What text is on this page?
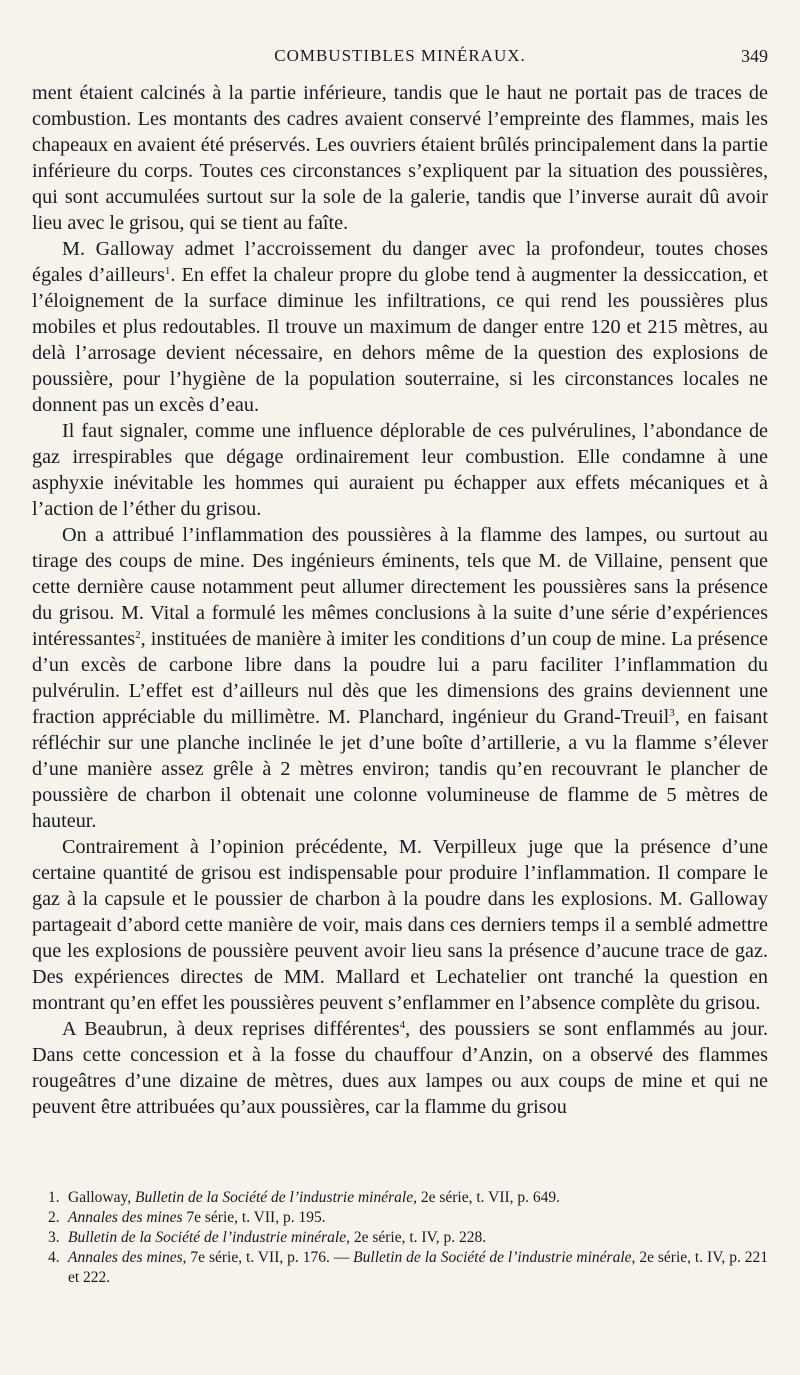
COMBUSTIBLES MINÉRAUX.	349

ment étaient calcinés à la partie inférieure, tandis que le haut ne portait pas de traces de combustion. Les montants des cadres avaient conservé l’empreinte des flammes, mais les chapeaux en avaient été préservés. Les ouvriers étaient brûlés principalement dans la partie inférieure du corps. Toutes ces circonstances s’expliquent par la situation des poussières, qui sont accumulées surtout sur la sole de la galerie, tandis que l’inverse aurait dû avoir lieu avec le grisou, qui se tient au faîte.

M. Galloway admet l’accroissement du danger avec la profondeur, toutes choses égales d’ailleurs$^1$. En effet la chaleur propre du globe tend à augmenter la dessiccation, et l’éloignement de la surface diminue les infiltrations, ce qui rend les poussières plus mobiles et plus redoutables. Il trouve un maximum de danger entre 120 et 215 mètres, au delà l’arrosage devient nécessaire, en dehors même de la question des explosions de poussière, pour l’hygiène de la population souterraine, si les circonstances locales ne donnent pas un excès d’eau.

Il faut signaler, comme une influence déplorable de ces pulvérulines, l’abondance de gaz irrespirables que dégage ordinairement leur combustion. Elle condamne à une asphyxie inévitable les hommes qui auraient pu échapper aux effets mécaniques et à l’action de l’éther du grisou.

On a attribué l’inflammation des poussières à la flamme des lampes, ou surtout au tirage des coups de mine. Des ingénieurs éminents, tels que M. de Villaine, pensent que cette dernière cause notamment peut allumer directement les poussières sans la présence du grisou. M. Vital a formulé les mêmes conclusions à la suite d’une série d’expériences intéressantes$^2$, instituées de manière à imiter les conditions d’un coup de mine. La présence d’un excès de carbone libre dans la poudre lui a paru faciliter l’inflammation du pulvérulin. L’effet est d’ailleurs nul dès que les dimensions des grains deviennent une fraction appréciable du millimètre. M. Planchard, ingénieur du Grand-Treuil$^3$, en faisant réfléchir sur une planche inclinée le jet d’une boîte d’artillerie, a vu la flamme s’élever d’une manière assez grêle à 2 mètres environ; tandis qu’en recouvrant le plancher de poussière de charbon il obtenait une colonne volumineuse de flamme de 5 mètres de hauteur.

Contrairement à l’opinion précédente, M. Verpilleux juge que la présence d’une certaine quantité de grisou est indispensable pour produire l’inflammation. Il compare le gaz à la capsule et le poussier de charbon à la poudre dans les explosions. M. Galloway partageait d’abord cette manière de voir, mais dans ces derniers temps il a semblé admettre que les explosions de poussière peuvent avoir lieu sans la présence d’aucune trace de gaz. Des expériences directes de MM. Mallard et Lechatelier ont tranché la question en montrant qu’en effet les poussières peuvent s’enflammer en l’absence complète du grisou.

A Beaubrun, à deux reprises différentes$^4$, des poussiers se sont enflammés au jour. Dans cette concession et à la fosse du chauffour d’Anzin, on a observé des flammes rougeâtres d’une dizaine de mètres, dues aux lampes ou aux coups de mine et qui ne peuvent être attribuées qu’aux poussières, car la flamme du grisou

1. Galloway, Bulletin de la Société de l’industrie minérale, 2e série, t. VII, p. 649.

2. Annales des mines 7e série, t. VII, p. 195.

3. Bulletin de la Société de l’industrie minérale, 2e série, t. IV, p. 228.

4. Annales des mines, 7e série, t. VII, p. 176. — Bulletin de la Société de l’industrie minérale, 2e série, t. IV, p. 221 et 222.
